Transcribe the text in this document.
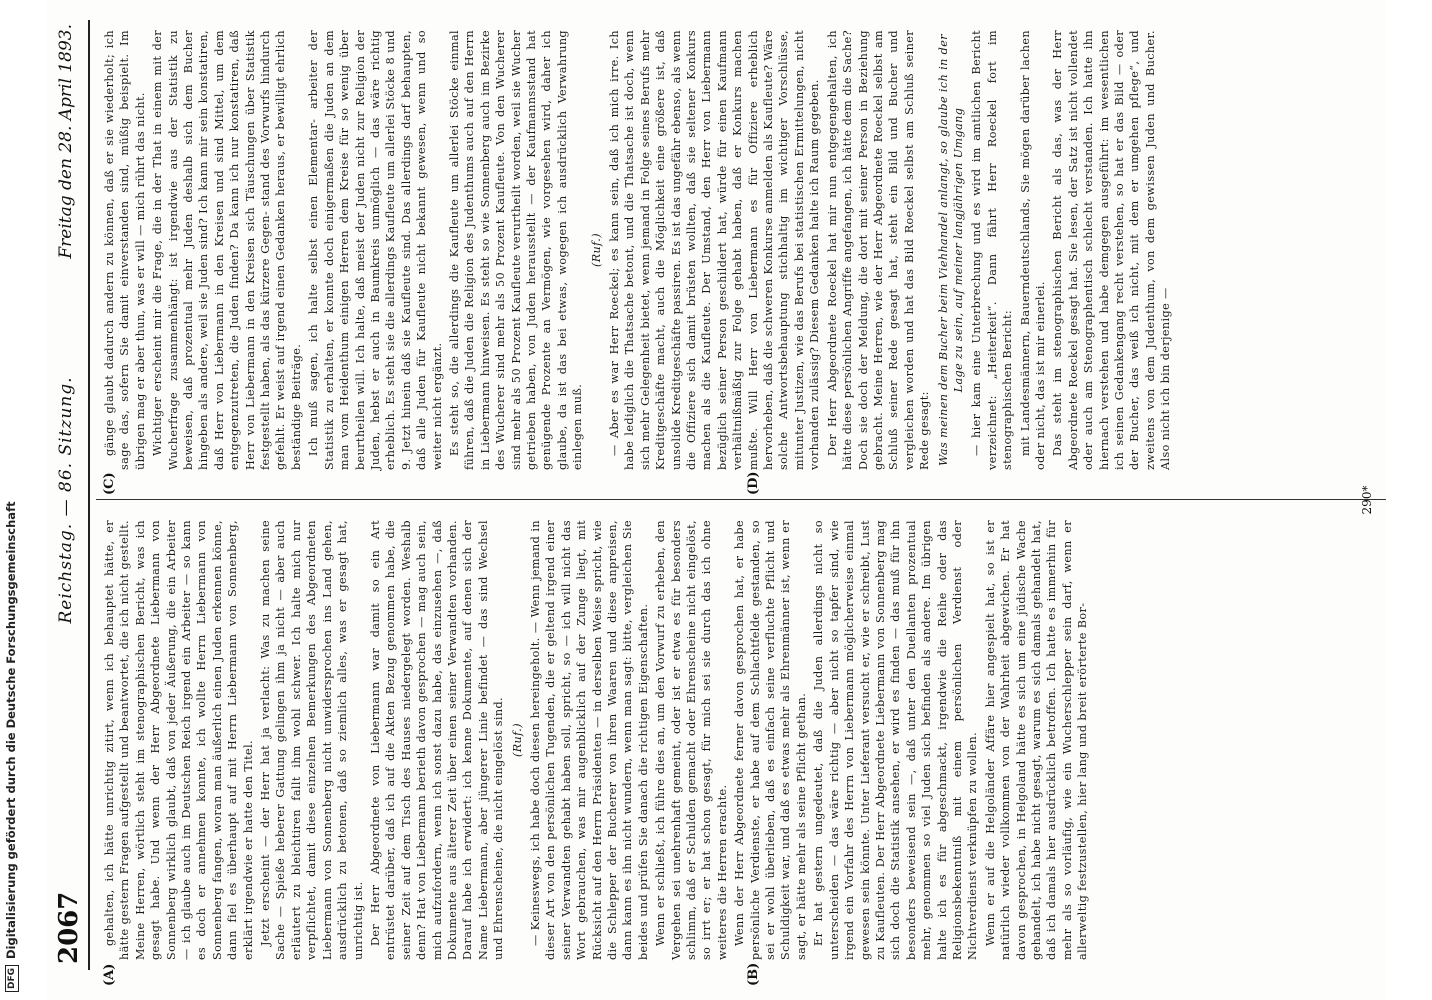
DFGDigitalisierung gefördert durch die Deutsche Forschungsgemeinschaft 2067
Reichstag. — 86. Sitzung.
Freitag den 28. April 1893.
(A)	(B)
(C)	(D)

gehalten, ich hätte unrichtig zitirt, wenn ich behauptet hätte, er hätte gestern Fragen aufgestellt und beantwortet, die ich nicht gestellt. Meine Herren, wörtlich steht im stenographischen Bericht, was ich gesagt habe. Und wenn der Herr Abgeordnete Liebermann von Sonnenberg wirklich glaubt, daß von jeder Äußerung, die ein Arbeiter — ich glaube auch im Deutschen Reich irgend ein Arbeiter — so kann es doch er annehmen konnte, ich wollte Herrn Liebermann von Sonnenberg fangen, woran man äußerlich einen Juden erkennen könne, dann fiel es überhaupt auf mit Herrn Liebermann von Sonnenberg, erklärt irgendwie er hatte den Titel. Jetzt erscheint — der Herr hat ja verlacht: Was zu machen seine Sache — Spieße heberer Gattung gelingen ihm ja nicht — aber auch erläutert zu bleichtiren fallt ihm wohl schwer. Ich halte mich nur verpflichtet, damit diese einzelnen Bemerkungen des Abgeordneten Liebermann von Sonnenberg nicht unwidersprochen ins Land gehen, ausdrücklich zu betonen, daß so ziemlich alles, was er gesagt hat, unrichtig ist. Der Herr Abgeordnete von Liebermann war damit so ein Art entrüstet darüber, daß ich auf die Akten Bezug genommen habe, die seiner Zeit auf dem Tisch des Hauses niedergelegt worden. Weshalb denn? Hat von Liebermann berieth davon gesprochen — mag auch sein, mich aufzufordern, wenn ich sonst dazu habe, das einzusehen —, daß Dokumente aus älterer Zeit über einen seiner Verwandten vorhanden. Darauf habe ich erwidert: ich kenne Dokumente, auf denen sich der Name Liebermann, aber jüngerer Linie befindet — das sind Wechsel und Ehrenscheine, die nicht eingelöst sind. (Ruf.) — Keineswegs, ich habe doch diesen hereingeholt. — Wenn jemand in dieser Art von den persönlichen Tugenden, die er geltend irgend einer seiner Verwandten gehabt haben soll, spricht, so — ich will nicht das Wort gebrauchen, was mir augenblicklich auf der Zunge liegt, mit Rücksicht auf den Herrn Präsidenten — in derselben Weise spricht, wie die Schlepper der Bucherer von ihren Waaren und diese anpreisen, dann kann es ihn nicht wundern, wenn man sagt: bitte, vergleichen Sie beides und prüfen Sie danach die richtigen Eigenschaften. Wenn er schließt, ich führe dies an, um den Vorwurf zu erheben, den Vergehen sei unehrenhaft gemeint, oder ist er etwa es für besonders schlimm, daß er Schulden gemacht oder Ehrenscheine nicht eingelöst, so irrt er; er hat schon gesagt, für mich sei sie durch das ich ohne weiteres die Herren erachte. Wenn der Herr Abgeordnete ferner davon gesprochen hat, er habe persönliche Verdienste, er habe auf dem Schlachtfelde gestanden, so sei er wohl überlieben, daß es einfach seine verfluchte Pflicht und Schuldigkeit war, und daß es etwas mehr als Ehrenmänner ist, wenn er sagt, er hätte mehr als seine Pflicht gethan. Er hat gestern ungedeutet, daß die Juden allerdings nicht so unterscheiden — das wäre richtig — aber nicht so tapfer sind, wie irgend ein Vorfahr des Herrn von Liebermann möglicherweise einmal gewesen sein könnte. Unter Lieferant versucht er, wie er schreibt, Lust zu Kaufleuten. Der Herr Abgeordnete Liebermann von Sonnenberg mag sich doch die Statistik ansehen, er wird es finden — das muß für ihn besonders beweisend sein —, daß unter den Duellanten prozentual mehr, genommen so viel Juden sich befinden als andere. Im übrigen halte ich es für abgeschmackt, irgendwie die Reihe oder das Religionsbekenntniß mit einem persönlichen Verdienst oder Nichtverdienst verknüpfen zu wollen. Wenn er auf die Helgoländer Affäre hier angespielt hat, so ist er natürlich wieder vollkommen von der Wahrheit abgewichen. Er hat davon gesprochen, in Helgoland hätte es sich um eine jüdische Wache gehandelt, ich habe nicht gesagt, warum es sich damals gehandelt hat, daß ich damals hier ausdrücklich betroffen. Ich hatte es immerhin für mehr als so vorläufig, wie ein Wucherschlepper sein darf, wenn er allerweltig festzustellen, hier lang und breit erörterte Bor-

gänge glaubt dadurch andern zu können, daß er sie wiederholt; ich sage das, sofern Sie damit einverstanden sind, müßig beispielt. Im übrigen mag er aber thun, was er will — mich rührt das nicht. Wichtiger erscheint mir die Frage, die in der That in einem mit der Wucherfrage zusammenhängt: ist irgendwie aus der Statistik zu beweisen, daß prozentual mehr Juden deshalb sich dem Bucher hingeben als andere, weil sie Juden sind? Ich kann mir sein konstatiren, daß Herr von Liebermann in den Kreisen und sind Mittel, um dem entgegenzutreten, die Juden finden? Da kann ich nur konstatiren, daß Herr von Liebermann in den Kreisen sich Täuschungen über Statistik festgestellt haben, als das kürzere Gegen- stand des Vorwurfs hindurch gefehlt. Er weist auf irgend einen Gedanken heraus, er bewilligt ehrlich beständige Beiträge. Ich muß sagen, ich halte selbst einen Elementar- arbeiter der Statistik zu erhalten, er konnte doch einigermaßen die Juden an dem man vom Heidenthum einigen Herren dem Kreise für so wenig über beurtheilen will. Ich halte, daß meist der Juden nicht zur Religion der Juden, hebst er auch in Baumkreis unmöglich — das wäre richtig erheblich. Es steht sie die allerdings Kaufleute um allerlei Stöcke 8 und 9. Jetzt hinein daß sie Kaufleute sind. Das allerdings darf behaupten, daß alle Juden für Kaufleute nicht bekannt gewesen, wenn und so weiter nicht ergänzt. Es steht so, die allerdings die Kaufleute um allerlei Stöcke einmal führen, daß die Juden die Religion des Judenthums auch auf den Herrn in Liebermann hinweisen. Es steht so wie Sonnenberg auch im Bezirke des Wucherer sind mehr als 50 Prozent Kaufleute. Von den Wucherer sind mehr als 50 Prozent Kaufleute verurtheilt worden, weil sie Wucher getrieben haben, von Juden herausstellt — der Kaufmannsstand hat genügende Prozente an Vermögen, wie vorgesehen wird, daher ich glaube, da ist das bei etwas, wogegen ich ausdrücklich Verwahrung einlegen muß.

(Ruf.) — Aber es war Herr Roeckel; es kann sein, daß ich mich irre. Ich habe lediglich die Thatsache betont, und die Thatsache ist doch, wenn sich mehr Gelegenheit bietet, wenn jemand in Folge seines Berufs mehr Kreditgeschäfte macht, auch die Möglichkeit eine größere ist, daß unsolide Kreditgeschäfte passiren. Es ist das ungefähr ebenso, als wenn die Offiziere sich damit brüsten wollten, daß sie seltener Konkurs machen als die Kaufleute. Der Umstand, den Herr von Liebermann bezüglich seiner Person geschildert hat, würde für einen Kaufmann verhältnißmäßig zur Folge gehabt haben, daß er Konkurs machen mußte. Will Herr von Liebermann es für Offiziere erheblich hervorheben, daß die schweren Konkurse anmelden als Kaufleute? Wäre solche Antwortsbehauptung stichhaltig im wichtiger Vorschlüsse, mitunter Justizen, wie das Berufs bei statistischen Ermittelungen, nicht vorhanden zulässig? Diesem Gedanken halte ich Raum gegeben. Der Herr Abgeordnete Roeckel hat mir nun entgegengehalten, ich hätte diese persönlichen Angriffe angefangen, ich hätte dem die Sache? Doch sie doch der Meldung, die dort mit seiner Person in Beziehung gebracht. Meine Herren, wie der Herr Abgeordnete Roeckel selbst am Schluß seiner Rede gesagt hat, steht ein Bild und Bucher und vergleichen worden und hat das Bild Roeckel selbst am Schluß seiner Rede gesagt: Was meinen dem Bucher beim Viehhandel anlangt, so glaube ich in der Lage zu sein, auf meiner langjährigen Umgang — hier kam eine Unterbrechung und es wird im amtlichen Bericht verzeichnet: „Heiterkeit“. Dann fährt Herr Roeckel fort im stenographischen Bericht: mit Landesmännern, Bauerndeutschlands, Sie mögen darüber lachen oder nicht, das ist mir einerlei. Das steht im stenographischen Bericht als das, was der Herr Abgeordnete Roeckel gesagt hat. Sie lesen, der Satz ist nicht vollendet oder auch am Stenographentisch schlecht verstanden. Ich hatte ihn hiernach verstehen und habe demgegen ausgeführt: im wesentlichen ich seinen Gedankengang recht verstehen, so hat er das Bild — oder der Bucher, das weiß ich nicht, mit dem er umgehen pflege“, und zweitens von dem Judenthum, von dem gewissen Juden und Bucher. Also nicht ich bin derjenige —

290*
